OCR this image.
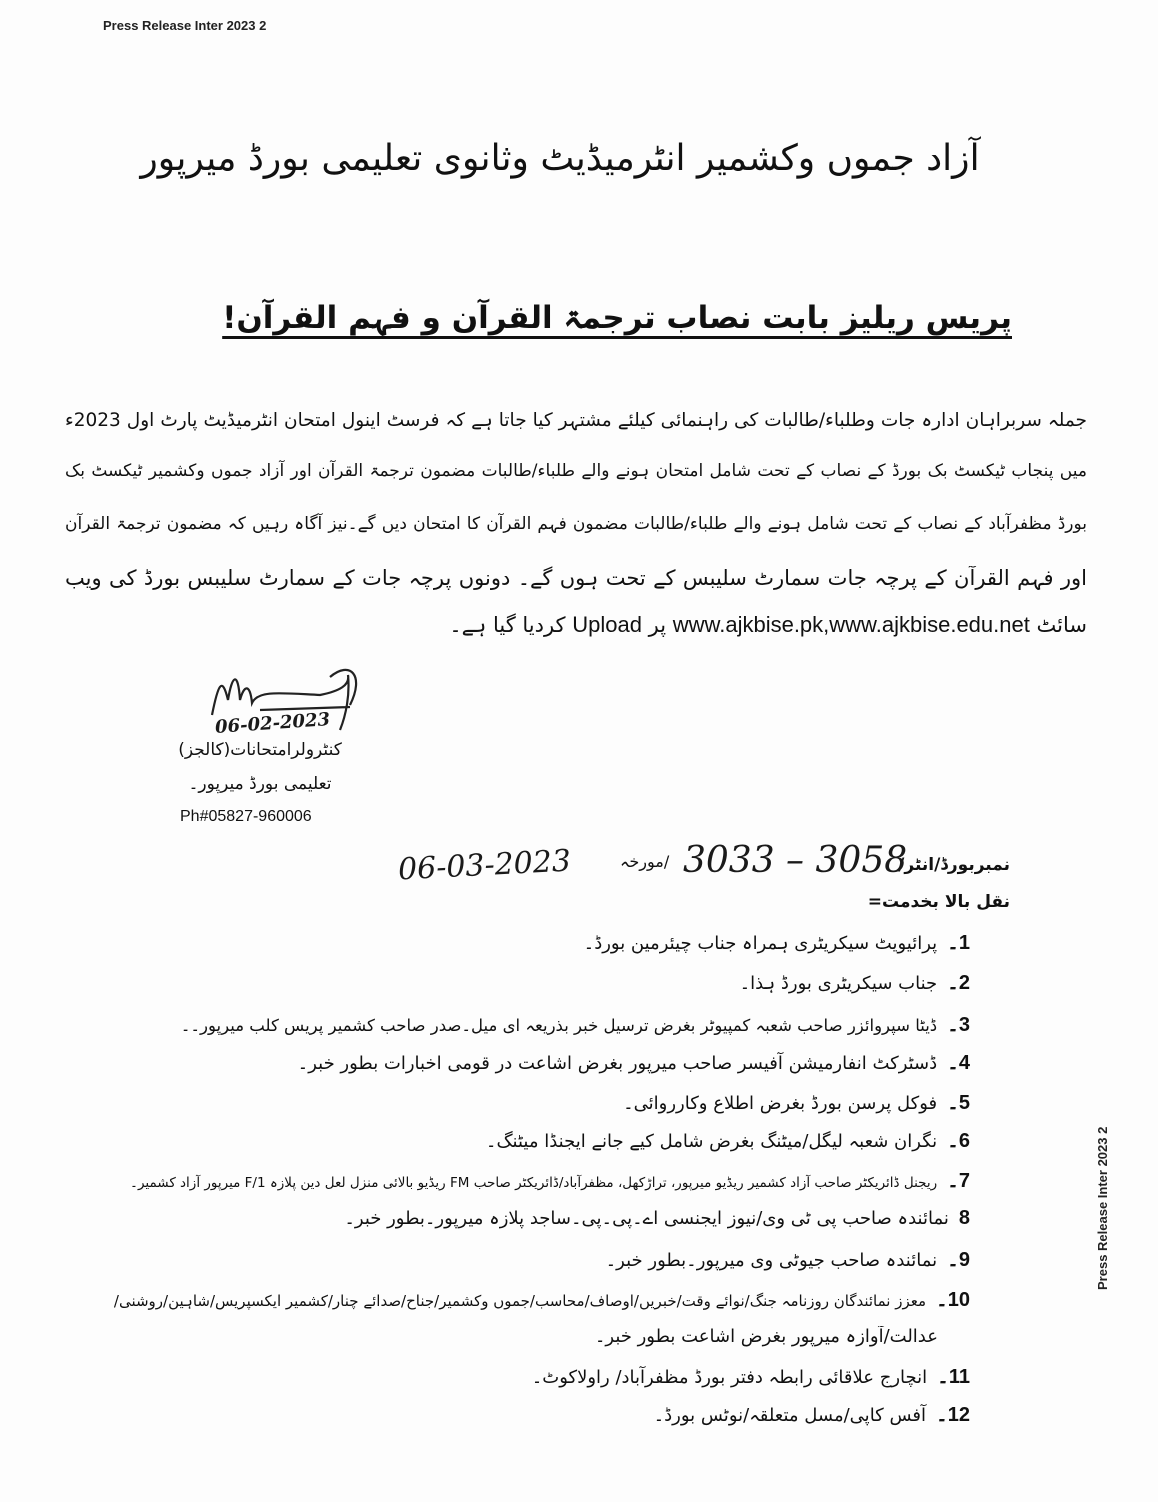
Press Release Inter 2023 2
Press Release Inter 2023 2
آزاد جموں وکشمیر انٹرمیڈیٹ وثانوی تعلیمی بورڈ میرپور
پریس ریلیز بابت نصاب ترجمۃ القرآن و فہم القرآن!
جملہ سربراہان ادارہ جات وطلباء/طالبات کی راہنمائی کیلئے مشتہر کیا جاتا ہے کہ فرسٹ اینول امتحان انٹرمیڈیٹ پارٹ اول 2023ء
میں پنجاب ٹیکسٹ بک بورڈ کے نصاب کے تحت شامل امتحان ہونے والے طلباء/طالبات مضمون ترجمۃ القرآن اور آزاد جموں وکشمیر ٹیکسٹ بک
بورڈ مظفرآباد کے نصاب کے تحت شامل ہونے والے طلباء/طالبات مضمون فہم القرآن کا امتحان دیں گے۔نیز آگاہ رہیں کہ مضمون ترجمۃ القرآن
اور فہم القرآن کے پرچہ جات سمارٹ سلیبس کے تحت ہوں گے۔ دونوں پرچہ جات کے سمارٹ سلیبس بورڈ کی ویب
سائٹ www.ajkbise.pk,www.ajkbise.edu.net پر Upload کردیا گیا ہے۔
06-02-2023
کنٹرولرامتحانات(کالجز)
تعلیمی بورڈ میرپور۔
Ph#05827-960006
نمبربورڈ/انٹر/
3033 – 3058
/مورخہ
06-03-2023
نقل بالا بخدمت=
1۔
پرائیویٹ سیکریٹری ہمراہ جناب چیئرمین بورڈ۔
2۔
جناب سیکریٹری بورڈ ہذا۔
3۔
ڈیٹا سپروائزر صاحب شعبہ کمپیوٹر بغرض ترسیل خبر بذریعہ ای میل۔صدر صاحب کشمیر پریس کلب میرپور۔۔
4۔
ڈسٹرکٹ انفارمیشن آفیسر صاحب میرپور بغرض اشاعت در قومی اخبارات بطور خبر۔
5۔
فوکل پرسن بورڈ بغرض اطلاع وکارروائی۔
6۔
نگران شعبہ لیگل/میٹنگ بغرض شامل کیے جانے ایجنڈا میٹنگ۔
7۔
ریجنل ڈائریکٹر صاحب آزاد کشمیر ریڈیو میرپور، تراڑکھل، مظفرآباد/ڈائریکٹر صاحب FM ریڈیو بالائی منزل لعل دین پلازہ F/1 میرپور آزاد کشمیر۔
8
نمائندہ صاحب پی ٹی وی/نیوز ایجنسی اے۔پی۔پی۔ساجد پلازہ میرپور۔بطور خبر۔
9۔
نمائندہ صاحب جیوٹی وی میرپور۔بطور خبر۔
10۔
معزز نمائندگان روزنامہ جنگ/نوائے وقت/خبریں/اوصاف/محاسب/جموں وکشمیر/جناح/صدائے چنار/کشمیر ایکسپریس/شاہین/روشنی/
عدالت/آوازہ میرپور بغرض اشاعت بطور خبر۔
11۔
انچارج علاقائی رابطہ دفتر بورڈ مظفرآباد/ راولاکوٹ۔
12۔
آفس کاپی/مسل متعلقہ/نوٹس بورڈ۔
